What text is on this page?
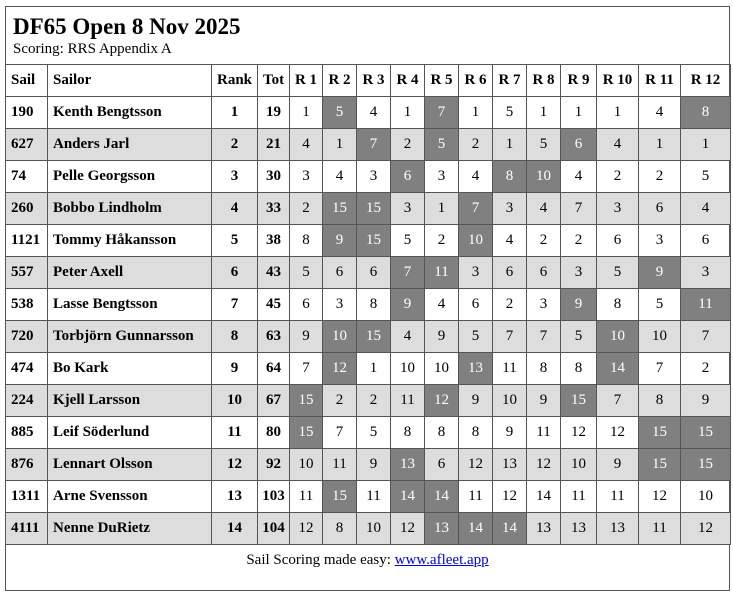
DF65 Open 8 Nov 2025
Scoring: RRS Appendix A
Sail	Sailor	Rank	Tot	R 1	R 2	R 3	R 4	R 5	R 6	R 7	R 8	R 9	R 10	R 11	R 12
190	Kenth Bengtsson	1	19	1	5	4	1	7	1	5	1	1	1	4	8
627	Anders Jarl	2	21	4	1	7	2	5	2	1	5	6	4	1	1
74	Pelle Georgsson	3	30	3	4	3	6	3	4	8	10	4	2	2	5
260	Bobbo Lindholm	4	33	2	15	15	3	1	7	3	4	7	3	6	4
1121	Tommy Håkansson	5	38	8	9	15	5	2	10	4	2	2	6	3	6
557	Peter Axell	6	43	5	6	6	7	11	3	6	6	3	5	9	3
538	Lasse Bengtsson	7	45	6	3	8	9	4	6	2	3	9	8	5	11
720	Torbjörn Gunnarsson	8	63	9	10	15	4	9	5	7	7	5	10	10	7
474	Bo Kark	9	64	7	12	1	10	10	13	11	8	8	14	7	2
224	Kjell Larsson	10	67	15	2	2	11	12	9	10	9	15	7	8	9
885	Leif Söderlund	11	80	15	7	5	8	8	8	9	11	12	12	15	15
876	Lennart Olsson	12	92	10	11	9	13	6	12	13	12	10	9	15	15
1311	Arne Svensson	13	103	11	15	11	14	14	11	12	14	11	11	12	10
4111	Nenne DuRietz	14	104	12	8	10	12	13	14	14	13	13	13	11	12
Sail Scoring made easy: www.afleet.app
